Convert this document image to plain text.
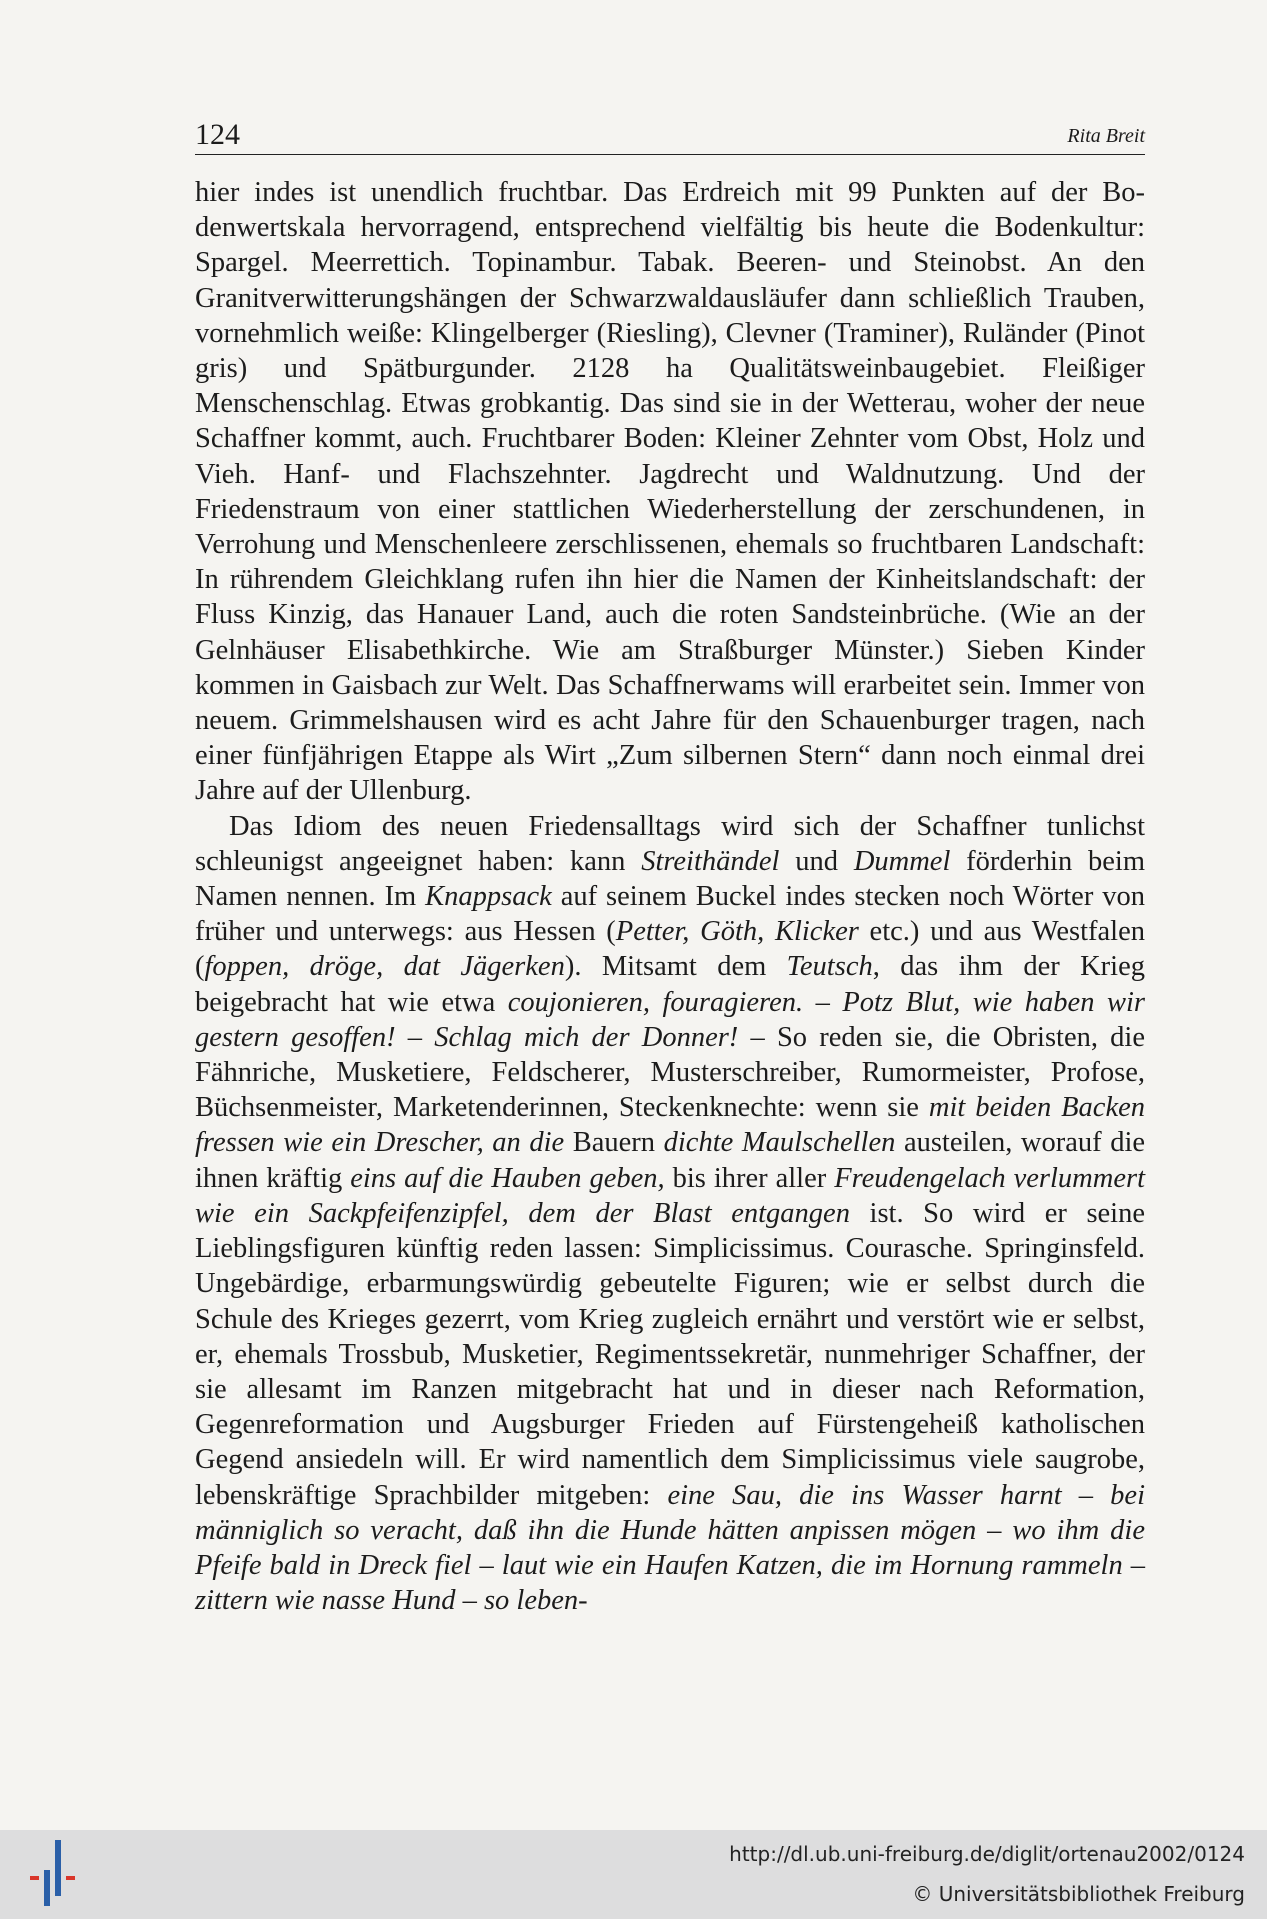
124	Rita Breit

hier indes ist unendlich fruchtbar. Das Erdreich mit 99 Punkten auf der Bodenwertskala hervorragend, entsprechend vielfältig bis heute die Bodenkultur: Spargel. Meerrettich. Topinambur. Tabak. Beeren- und Steinobst. An den Granitverwitterungshängen der Schwarzwaldausläufer dann schließlich Trauben, vornehmlich weiße: Klingelberger (Riesling), Clevner (Traminer), Ruländer (Pinot gris) und Spätburgunder. 2128 ha Qualitätsweinbaugebiet. Fleißiger Menschenschlag. Etwas grobkantig. Das sind sie in der Wetterau, woher der neue Schaffner kommt, auch. Fruchtbarer Boden: Kleiner Zehnter vom Obst, Holz und Vieh. Hanf- und Flachszehnter. Jagdrecht und Waldnutzung. Und der Friedenstraum von einer stattlichen Wiederherstellung der zerschundenen, in Verrohung und Menschenleere zerschlissenen, ehemals so fruchtbaren Landschaft: In rührendem Gleichklang rufen ihn hier die Namen der Kinheitslandschaft: der Fluss Kinzig, das Hanauer Land, auch die roten Sandsteinbrüche. (Wie an der Gelnhäuser Elisabethkirche. Wie am Straßburger Münster.) Sieben Kinder kommen in Gaisbach zur Welt. Das Schaffnerwams will erarbeitet sein. Immer von neuem. Grimmelshausen wird es acht Jahre für den Schauenburger tragen, nach einer fünfjährigen Etappe als Wirt „Zum silbernen Stern“ dann noch einmal drei Jahre auf der Ullenburg.

Das Idiom des neuen Friedensalltags wird sich der Schaffner tunlichst schleunigst angeeignet haben: kann Streithändel und Dummel förderhin beim Namen nennen. Im Knappsack auf seinem Buckel indes stecken noch Wörter von früher und unterwegs: aus Hessen (Petter, Göth, Klicker etc.) und aus Westfalen (foppen, dröge, dat Jägerken). Mitsamt dem Teutsch, das ihm der Krieg beigebracht hat wie etwa coujonieren, fouragieren. – Potz Blut, wie haben wir gestern gesoffen! – Schlag mich der Donner! – So reden sie, die Obristen, die Fähnriche, Musketiere, Feldscherer, Musterschreiber, Rumormeister, Profose, Büchsenmeister, Marketenderinnen, Steckenknechte: wenn sie mit beiden Backen fressen wie ein Drescher, an die Bauern dichte Maulschellen austeilen, worauf die ihnen kräftig eins auf die Hauben geben, bis ihrer aller Freudengelach verlummert wie ein Sackpfeifenzipfel, dem der Blast entgangen ist. So wird er seine Lieblingsfiguren künftig reden lassen: Simplicissimus. Courasche. Springinsfeld. Ungebärdige, erbarmungswürdig gebeutelte Figuren; wie er selbst durch die Schule des Krieges gezerrt, vom Krieg zugleich ernährt und verstört wie er selbst, er, ehemals Trossbub, Musketier, Regimentssekretär, nunmehriger Schaffner, der sie allesamt im Ranzen mitgebracht hat und in dieser nach Reformation, Gegenreformation und Augsburger Frieden auf Fürstengeheiß katholischen Gegend ansiedeln will. Er wird namentlich dem Simplicissimus viele saugrobe, lebenskräftige Sprachbilder mitgeben: eine Sau, die ins Wasser harnt – bei männiglich so veracht, daß ihn die Hunde hätten anpissen mögen – wo ihm die Pfeife bald in Dreck fiel – laut wie ein Haufen Katzen, die im Hornung rammeln – zittern wie nasse Hund – so leben-

http://dl.ub.uni-freiburg.de/diglit/ortenau2002/0124
© Universitätsbibliothek Freiburg
